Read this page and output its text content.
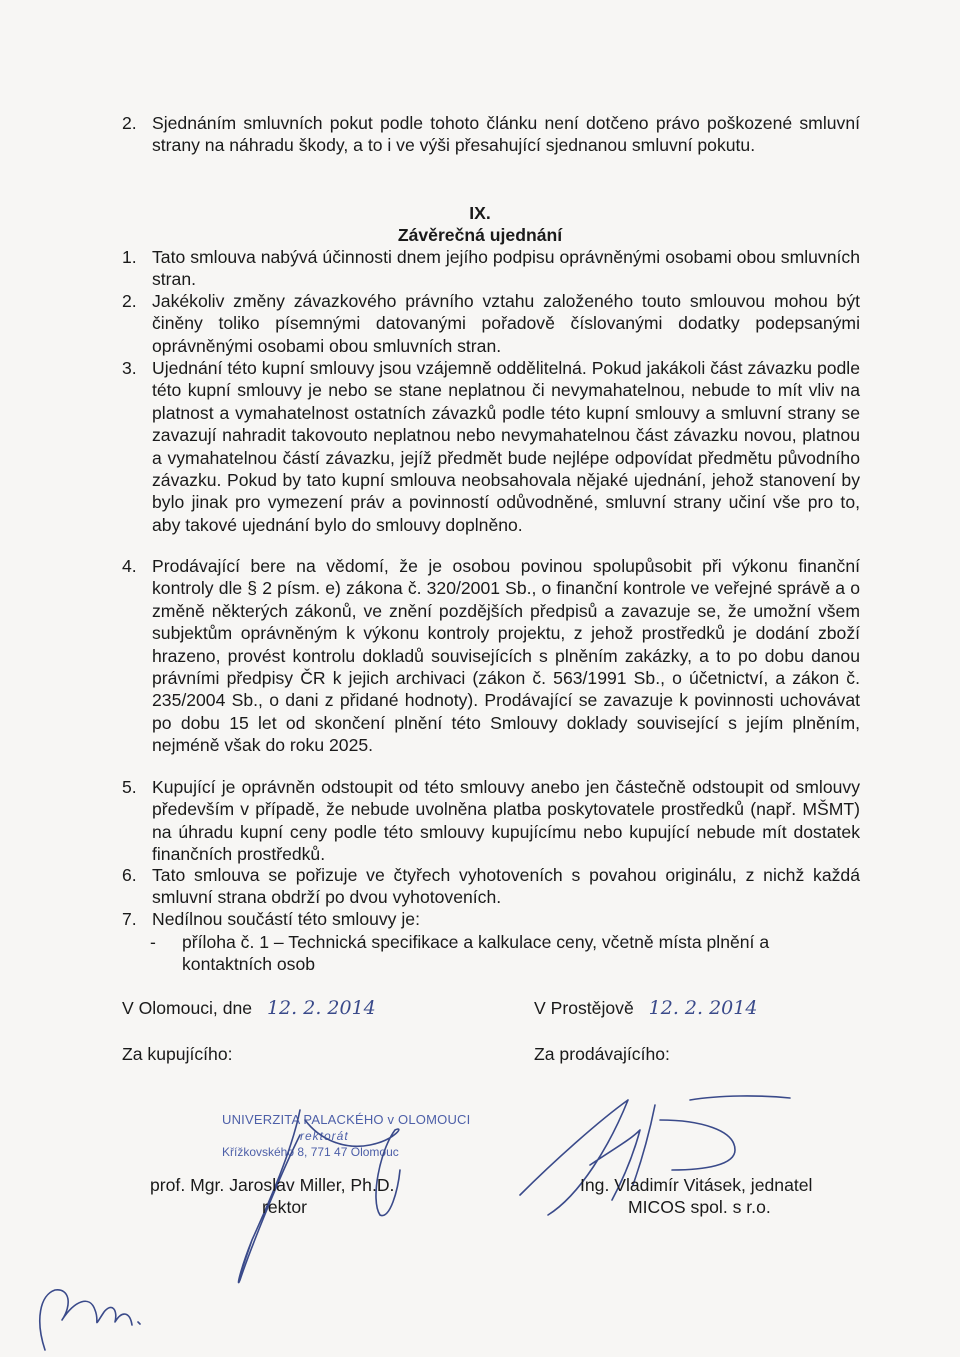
2. Sjednáním smluvních pokut podle tohoto článku není dotčeno právo poškozené smluvní strany na náhradu škody, a to i ve výši přesahující sjednanou smluvní pokutu.
IX.
Závěrečná ujednání
1. Tato smlouva nabývá účinnosti dnem jejího podpisu oprávněnými osobami obou smluvních stran.
2. Jakékoliv změny závazkového právního vztahu založeného touto smlouvou mohou být činěny toliko písemnými datovanými pořadově číslovanými dodatky podepsanými oprávněnými osobami obou smluvních stran.
3. Ujednání této kupní smlouvy jsou vzájemně oddělitelná. Pokud jakákoli část závazku podle této kupní smlouvy je nebo se stane neplatnou či nevymahatelnou, nebude to mít vliv na platnost a vymahatelnost ostatních závazků podle této kupní smlouvy a smluvní strany se zavazují nahradit takovouto neplatnou nebo nevymahatelnou část závazku novou, platnou a vymahatelnou částí závazku, jejíž předmět bude nejlépe odpovídat předmětu původního závazku. Pokud by tato kupní smlouva neobsahovala nějaké ujednání, jehož stanovení by bylo jinak pro vymezení práv a povinností odůvodněné, smluvní strany učiní vše pro to, aby takové ujednání bylo do smlouvy doplněno.
4. Prodávající bere na vědomí, že je osobou povinou spolupůsobit při výkonu finanční kontroly dle § 2 písm. e) zákona č. 320/2001 Sb., o finanční kontrole ve veřejné správě a o změně některých zákonů, ve znění pozdějších předpisů a zavazuje se, že umožní všem subjektům oprávněným k výkonu kontroly projektu, z jehož prostředků je dodání zboží hrazeno, provést kontrolu dokladů souvisejících s plněním zakázky, a to po dobu danou právními předpisy ČR k jejich archivaci (zákon č. 563/1991 Sb., o účetnictví, a zákon č. 235/2004 Sb., o dani z přidané hodnoty). Prodávající se zavazuje k povinnosti uchovávat po dobu 15 let od skončení plnění této Smlouvy doklady související s jejím plněním, nejméně však do roku 2025.
5. Kupující je oprávněn odstoupit od této smlouvy anebo jen částečně odstoupit od smlouvy především v případě, že nebude uvolněna platba poskytovatele prostředků (např. MŠMT) na úhradu kupní ceny podle této smlouvy kupujícímu nebo kupující nebude mít dostatek finančních prostředků.
6. Tato smlouva se pořizuje ve čtyřech vyhotoveních s povahou originálu, z nichž každá smluvní strana obdrží po dvou vyhotoveních.
7. Nedílnou součástí této smlouvy je:
- příloha č. 1 – Technická specifikace a kalkulace ceny, včetně místa plnění a kontaktních osob
V Olomouci, dne 12. 2. 2014	V Prostějově 12. 2. 2014
Za kupujícího:	Za prodávajícího:
UNIVERZITA PALACKÉHO v OLOMOUCI
rektorát
Křížkovského 8, 771 47 Olomouc
prof. Mgr. Jaroslav Miller, Ph.D.
rektor
Ing. Vladimír Vitásek, jednatel
MICOS spol. s r.o.
